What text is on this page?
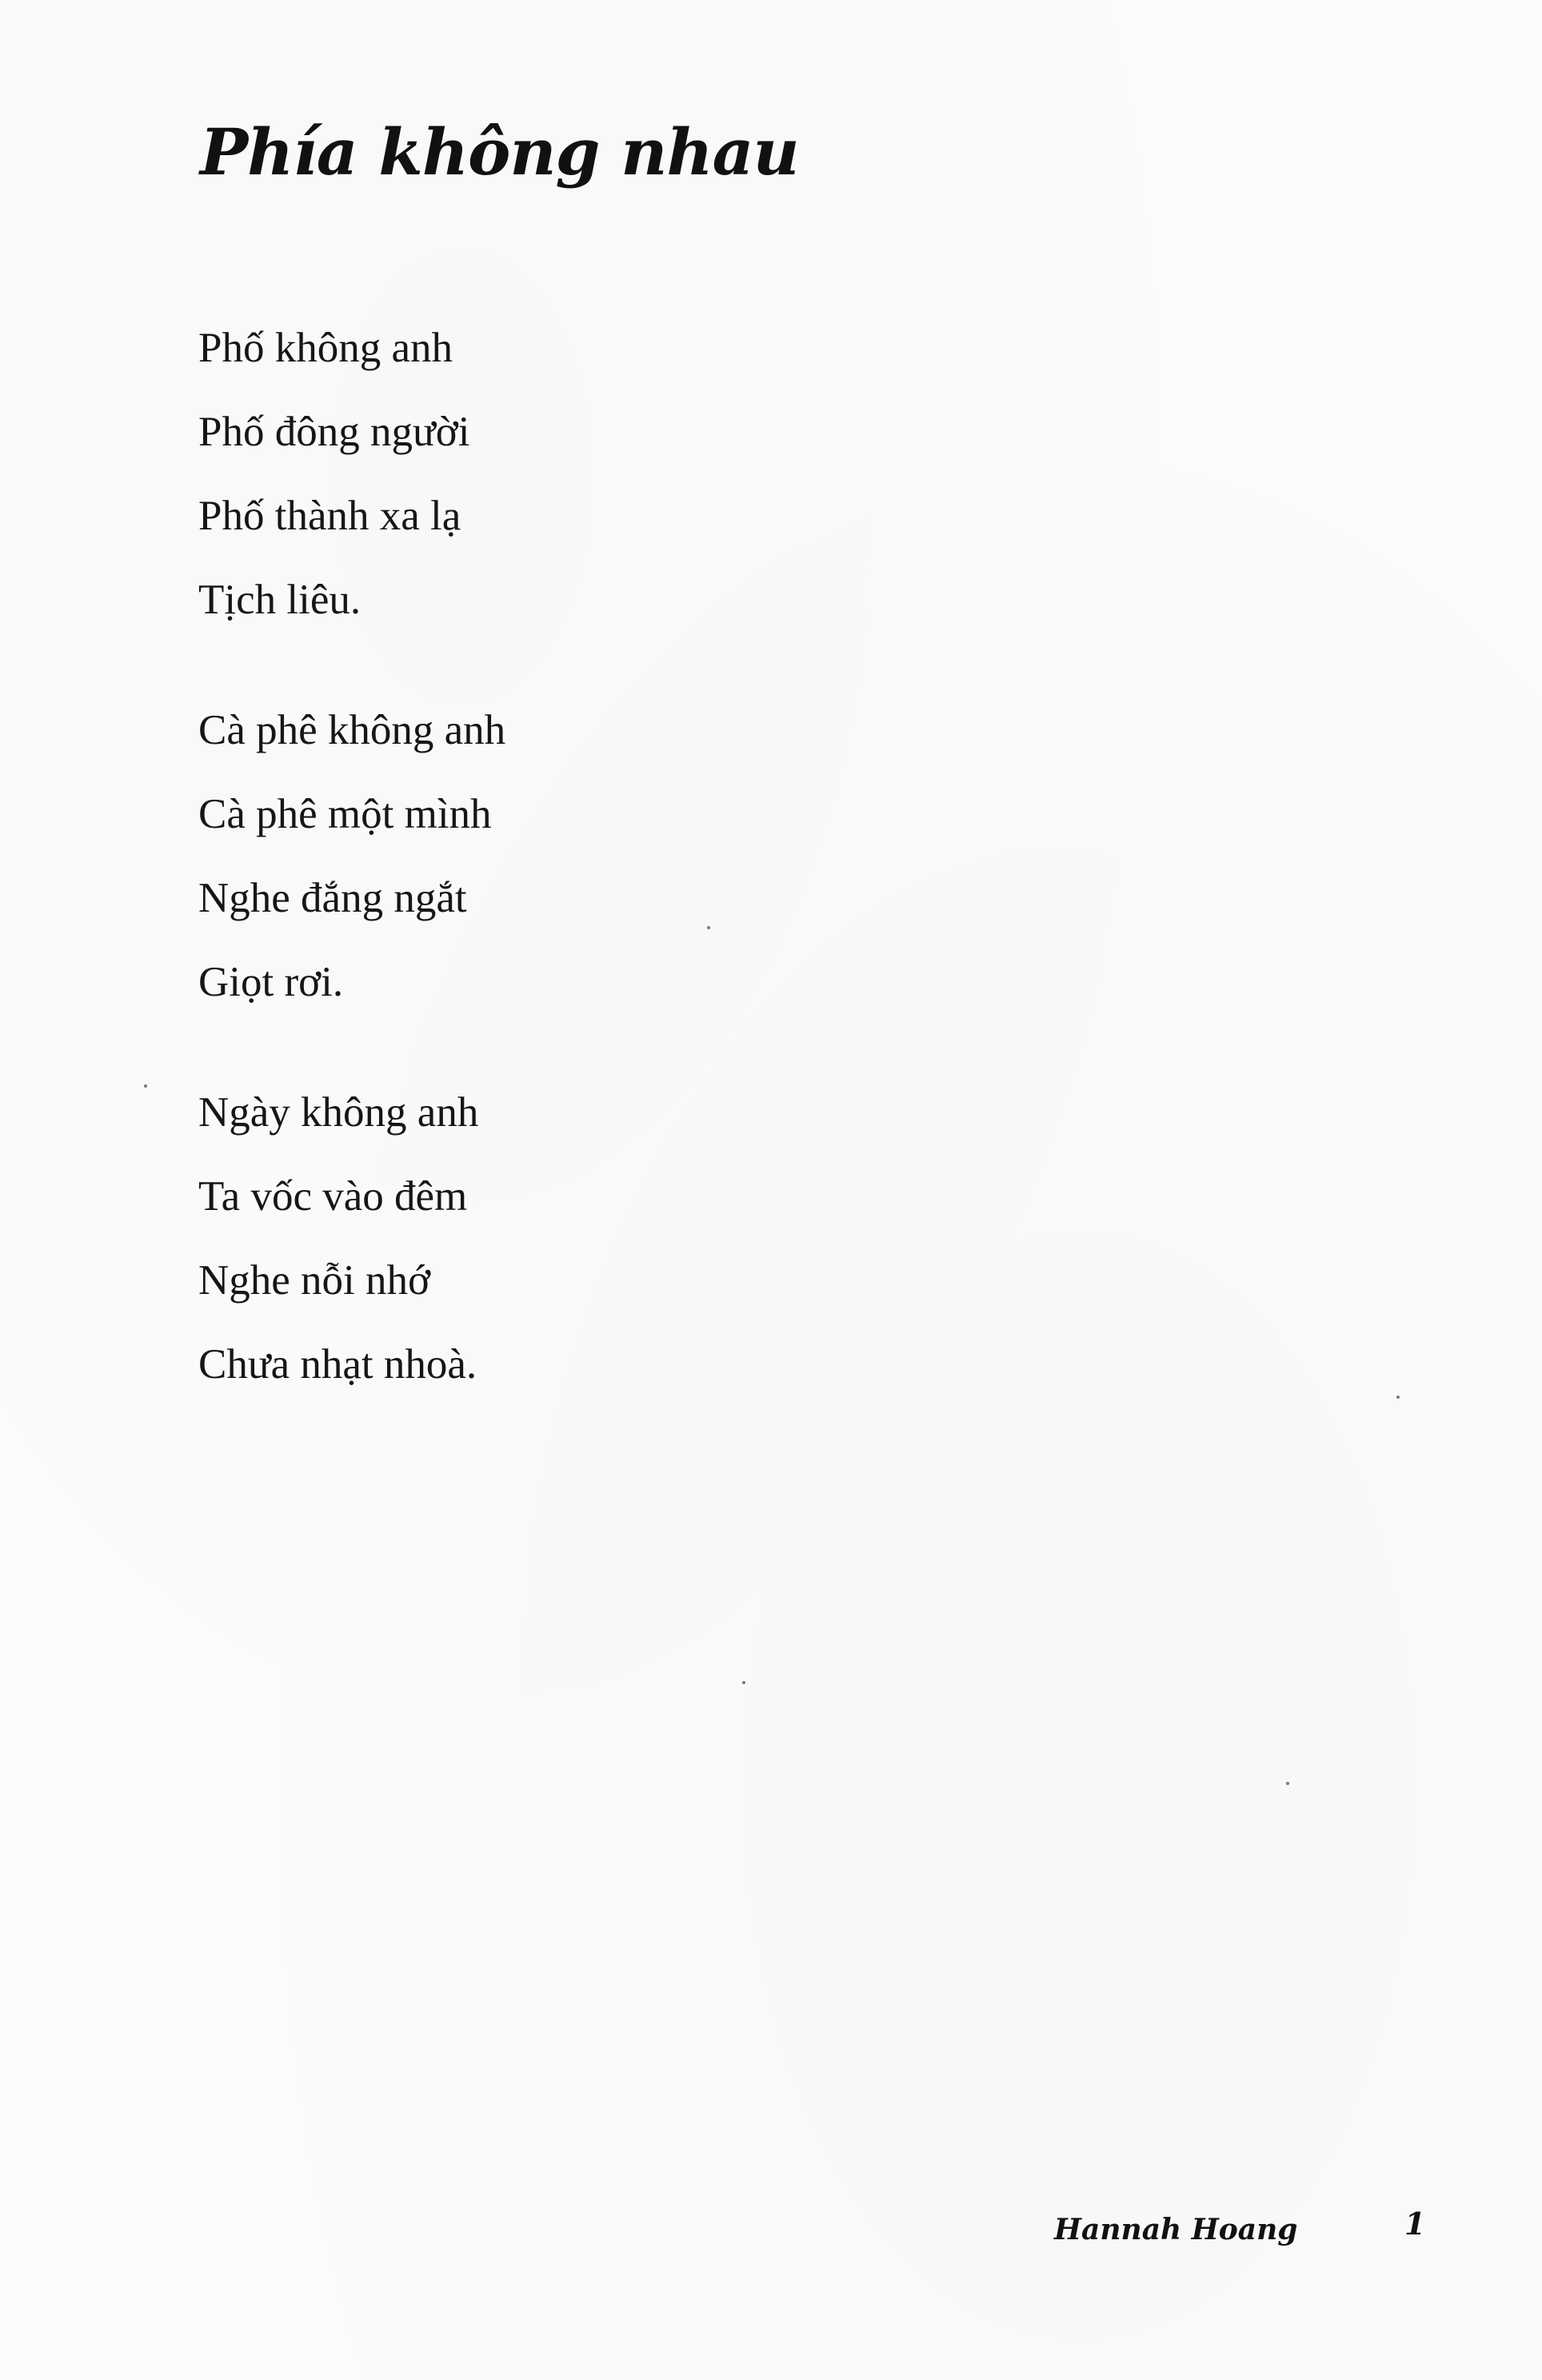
Phía không nhau
Phố không anh
Phố đông người
Phố thành xa lạ
Tịch liêu.
Cà phê không anh
Cà phê một mình
Nghe đắng ngắt
Giọt rơi.
Ngày không anh
Ta vốc vào đêm
Nghe nỗi nhớ
Chưa nhạt nhoà.
Hannah Hoang	1
